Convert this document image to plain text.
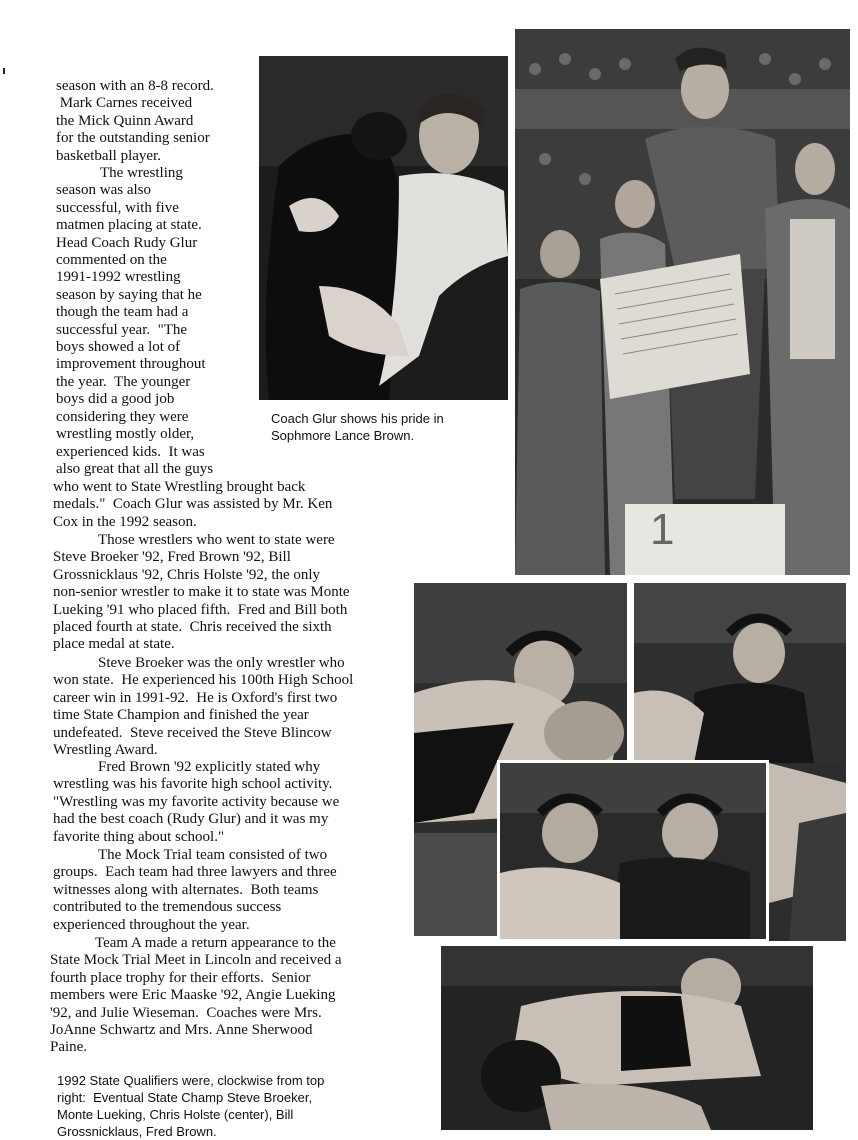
season with an 8-8 record.
Mark Carnes received
the Mick Quinn Award
for the outstanding senior
basketball player.
The wrestling
season was also
successful, with five
matmen placing at state.
Head Coach Rudy Glur
commented on the
1991-1992 wrestling
season by saying that he
though the team had a
successful year.  "The
boys showed a lot of
improvement throughout
the year.  The younger
boys did a good job
considering they were
wrestling mostly older,
experienced kids.  It was
also great that all the guys
who went to State Wrestling brought back
medals."  Coach Glur was assisted by Mr. Ken
Cox in the 1992 season.
Those wrestlers who went to state were
Steve Broeker '92, Fred Brown '92, Bill
Grossnicklaus '92, Chris Holste '92, the only
non-senior wrestler to make it to state was Monte
Lueking '91 who placed fifth.  Fred and Bill both
placed fourth at state.  Chris received the sixth
place medal at state.
Steve Broeker was the only wrestler who
won state.  He experienced his 100th High School
career win in 1991-92.  He is Oxford's first two
time State Champion and finished the year
undefeated.  Steve received the Steve Blincow
Wrestling Award.
Fred Brown '92 explicitly stated why
wrestling was his favorite high school activity.
"Wrestling was my favorite activity because we
had the best coach (Rudy Glur) and it was my
favorite thing about school."
The Mock Trial team consisted of two
groups.  Each team had three lawyers and three
witnesses along with alternates.  Both teams
contributed to the tremendous success
experienced throughout the year.
Team A made a return appearance to the
State Mock Trial Meet in Lincoln and received a
fourth place trophy for their efforts.  Senior
members were Eric Maaske '92, Angie Lueking
'92, and Julie Wieseman.  Coaches were Mrs.
JoAnne Schwartz and Mrs. Anne Sherwood
Paine.
1992 State Qualifiers were, clockwise from top
right:  Eventual State Champ Steve Broeker,
Monte Lueking, Chris Holste (center), Bill
Grossnicklaus, Fred Brown.
Coach Glur shows his pride in
Sophmore Lance Brown.
1
